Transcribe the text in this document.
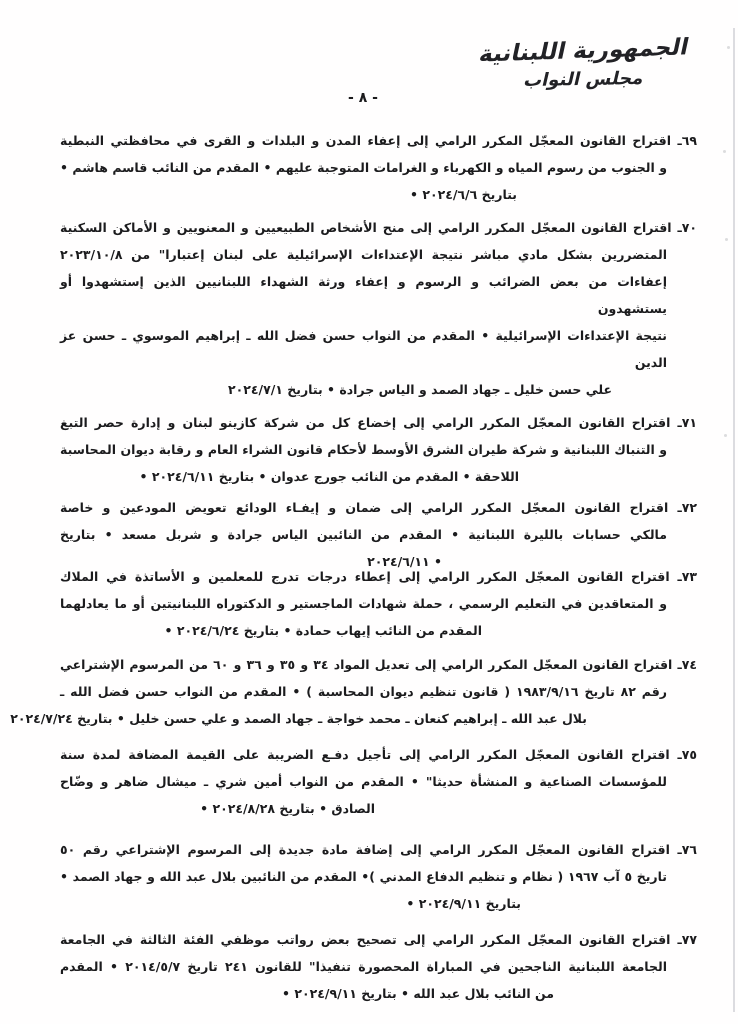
الجمهورية اللبنانية
مجلس النواب
- ٨ -
٦٩ـ اقتراح القانون المعجّل المكرر الرامي إلى إعفاء المدن و البلدات و القرى في محافظتي النبطية
و الجنوب من رسوم المياه و الكهرباء و الغرامات المتوجبة عليهم • المقدم من النائب قاسم هاشم •
بتاريخ ٢٠٢٤/٦/٦ •
٧٠ـ اقتراح القانون المعجّل المكرر الرامي إلى منح الأشخاص الطبيعيين و المعنويين و الأماكن السكنية
المتضررين بشكل مادي مباشر نتيجة الإعتداءات الإسرائيلية على لبنان إعتبارا" من ٢٠٢٣/١٠/٨
إعفاءات من بعض الضرائب و الرسوم و إعفاء ورثة الشهداء اللبنانيين الذين إستشهدوا أو يستشهدون
نتيجة الإعتداءات الإسرائيلية • المقدم من النواب حسن فضل الله ـ إبراهيم الموسوي ـ حسن عز الدين
علي حسن خليل ـ جهاد الصمد و الياس جرادة • بتاريخ ٢٠٢٤/٧/١
٧١ـ اقتراح القانون المعجّل المكرر الرامي إلى إخضاع كل من شركة كازينو لبنان و إدارة حصر التبغ
و التنباك اللبنانية و شركة طيران الشرق الأوسط لأحكام قانون الشراء العام و رقابة ديوان المحاسبة
اللاحقة • المقدم من النائب جورج عدوان • بتاريخ ٢٠٢٤/٦/١١ •
٧٢ـ اقتراح القانون المعجّل المكرر الرامي إلى ضمان و إيفـاء الودائع تعويض المودعين و خاصة
مالكي حسابات بالليرة اللبنانية • المقدم من النائبين الياس جرادة و شربل مسعد • بتاريخ
٢٠٢٤/٦/١١ •
٧٣ـ اقتراح القانون المعجّل المكرر الرامي إلى إعطاء درجات تدرج للمعلمين و الأساتذة في الملاك
و المتعاقدين في التعليم الرسمي ، حملة شهادات الماجستير و الدكتوراه اللبنانيتين أو ما يعادلهما
المقدم من النائب إيهاب حمادة • بتاريخ ٢٠٢٤/٦/٢٤ •
٧٤ـ اقتراح القانون المعجّل المكرر الرامي إلى تعديل المواد ٣٤ و ٣٥ و ٣٦ و ٦٠ من المرسوم الإشتراعي
رقم ٨٢ تاريخ ١٩٨٣/٩/١٦ ( قانون تنظيم ديوان المحاسبة ) • المقدم من النواب حسن فضل الله ـ
بلال عبد الله ـ إبراهيم كنعان ـ محمد خواجة ـ جهاد الصمد و علي حسن خليل • بتاريخ ٢٠٢٤/٧/٢٤
٧٥ـ اقتراح القانون المعجّل المكرر الرامي إلى تأجيل دفـع الضريبة على القيمة المضافة لمدة سنة
للمؤسسات الصناعية و المنشأة حديثا" • المقدم من النواب أمين شري ـ ميشال ضاهر و وضّاح
الصادق • بتاريخ ٢٠٢٤/٨/٢٨ •
٧٦ـ اقتراح القانون المعجّل المكرر الرامي إلى إضافة مادة جديدة إلى المرسوم الإشتراعي رقم ٥٠
تاريخ ٥ آب ١٩٦٧ ( نظام و تنظيم الدفاع المدني )• المقدم من النائبين بلال عبد الله و جهاد الصمد •
بتاريخ ٢٠٢٤/٩/١١ •
٧٧ـ اقتراح القانون المعجّل المكرر الرامي إلى تصحيح بعض رواتب موظفي الفئة الثالثة في الجامعة
الجامعة اللبنانية الناجحين في المباراة المحصورة تنفيذا" للقانون ٢٤١ تاريخ ٢٠١٤/٥/٧ • المقدم
من النائب بلال عبد الله • بتاريخ ٢٠٢٤/٩/١١ •
